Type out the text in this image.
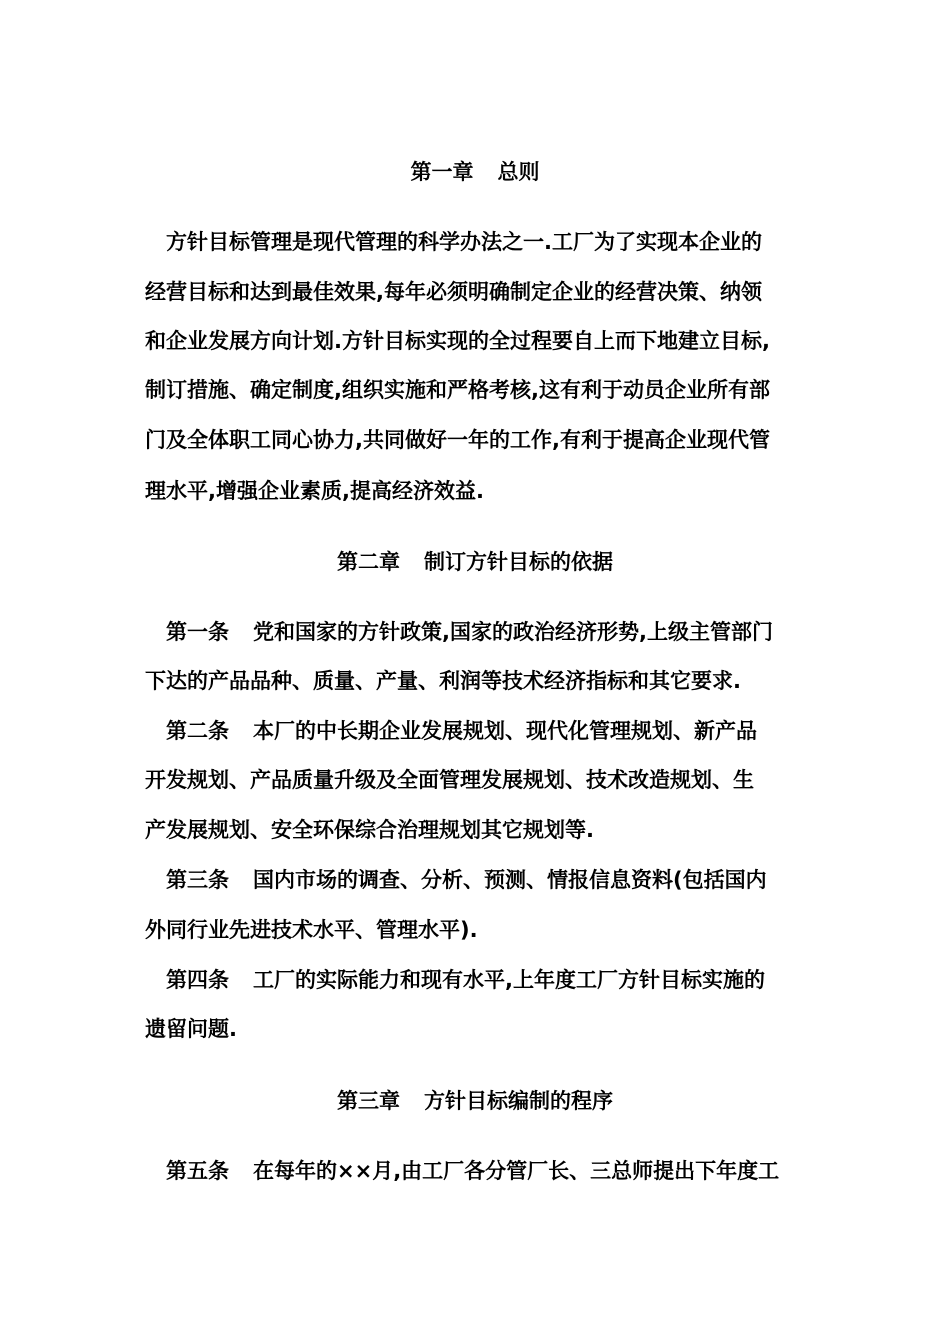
第一章 总则
方针目标管理是现代管理的科学办法之一.工厂为了实现本企业的
经营目标和达到最佳效果,每年必须明确制定企业的经营决策、纳领
和企业发展方向计划.方针目标实现的全过程要自上而下地建立目标,
制订措施、确定制度,组织实施和严格考核,这有利于动员企业所有部
门及全体职工同心协力,共同做好一年的工作,有利于提高企业现代管
理水平,增强企业素质,提高经济效益.
第二章 制订方针目标的依据
第一条 党和国家的方针政策,国家的政治经济形势,上级主管部门
下达的产品品种、质量、产量、利润等技术经济指标和其它要求.
第二条 本厂的中长期企业发展规划、现代化管理规划、新产品
开发规划、产品质量升级及全面管理发展规划、技术改造规划、生
产发展规划、安全环保综合治理规划其它规划等.
第三条 国内市场的调查、分析、预测、情报信息资料(包括国内
外同行业先进技术水平、管理水平).
第四条 工厂的实际能力和现有水平,上年度工厂方针目标实施的
遗留问题.
第三章 方针目标编制的程序
第五条 在每年的××月,由工厂各分管厂长、三总师提出下年度工
